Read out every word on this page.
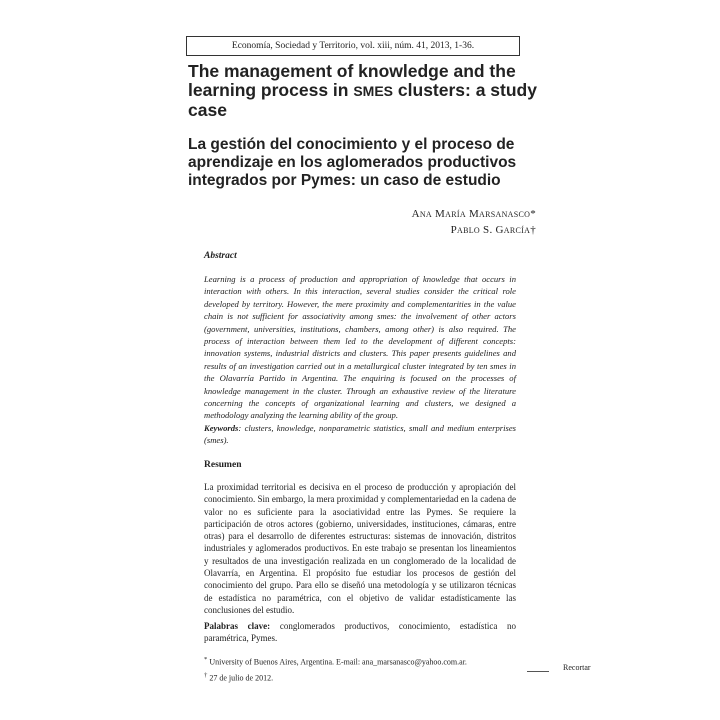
Economía, Sociedad y Territorio, vol. xiii, núm. 41, 2013, 1-36.
The management of knowledge and the learning process in SMES clusters: a study case
La gestión del conocimiento y el proceso de aprendizaje en los aglomerados productivos integrados por Pymes: un caso de estudio
Ana María Marsanasco*
Pablo S. García†
Abstract

Learning is a process of production and appropriation of knowledge that occurs in interaction with others. In this interaction, several studies consider the critical role developed by territory. However, the mere proximity and complementarities in the value chain is not sufficient for associativity among smes: the involvement of other actors (government, universities, institutions, chambers, among other) is also required. The process of interaction between them led to the development of different concepts: innovation systems, industrial districts and clusters. This paper presents guidelines and results of an investigation carried out in a metallurgical cluster integrated by ten smes in the Olavarría Partido in Argentina. The enquiring is focused on the processes of knowledge management in the cluster. Through an exhaustive review of the literature concerning the concepts of organizational learning and clusters, we designed a methodology analyzing the learning ability of the group.

Keywords: clusters, knowledge, nonparametric statistics, small and medium enterprises (smes).

Resumen

La proximidad territorial es decisiva en el proceso de producción y apropiación del conocimiento. Sin embargo, la mera proximidad y complementariedad en la cadena de valor no es suficiente para la asociatividad entre las Pymes. Se requiere la participación de otros actores (gobierno, universidades, instituciones, cámaras, entre otras) para el desarrollo de diferentes estructuras: sistemas de innovación, distritos industriales y aglomerados productivos. En este trabajo se presentan los lineamientos y resultados de una investigación realizada en un conglomerado de la localidad de Olavarría, en Argentina. El propósito fue estudiar los procesos de gestión del conocimiento del grupo. Para ello se diseñó una metodología y se utilizaron técnicas de estadística no paramétrica, con el objetivo de validar estadísticamente las conclusiones del estudio.

Palabras clave: conglomerados productivos, conocimiento, estadística no paramétrica, Pymes.

* University of Buenos Aires, Argentina. E-mail: ana_marsanasco@yahoo.com.ar.
† 27 de julio de 2012.
Recortar
